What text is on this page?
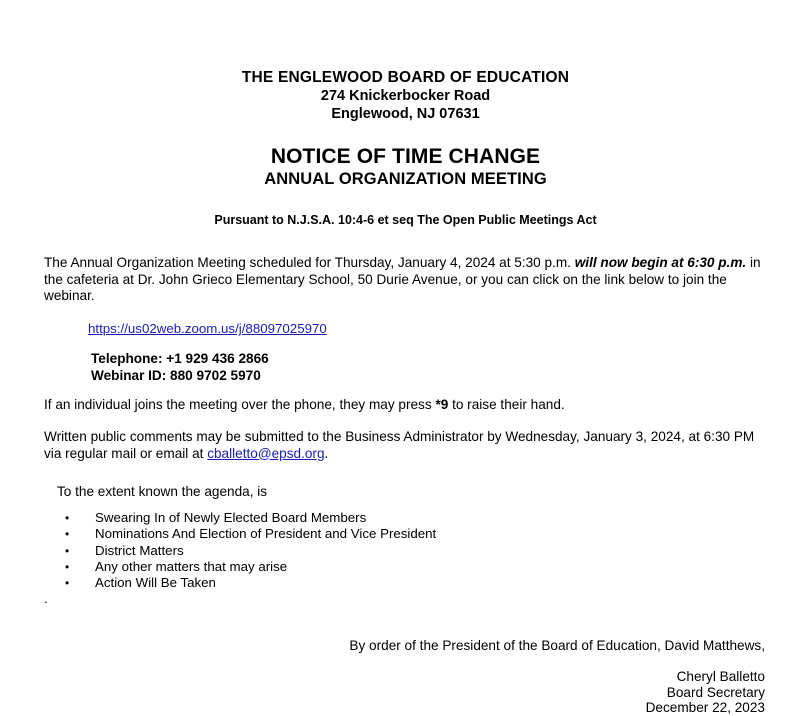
THE ENGLEWOOD BOARD OF EDUCATION
274 Knickerbocker Road
Englewood, NJ 07631
NOTICE OF TIME CHANGE
ANNUAL ORGANIZATION MEETING
Pursuant to N.J.S.A. 10:4-6 et seq The Open Public Meetings Act
The Annual Organization Meeting scheduled for Thursday, January 4, 2024 at 5:30 p.m. will now begin at 6:30 p.m. in the cafeteria at Dr. John Grieco Elementary School, 50 Durie Avenue, or you can click on the link below to join the webinar.
https://us02web.zoom.us/j/88097025970
Telephone: +1 929 436 2866
Webinar ID: 880 9702 5970
If an individual joins the meeting over the phone, they may press *9 to raise their hand.
Written public comments may be submitted to the Business Administrator by Wednesday, January 3, 2024, at 6:30 PM via regular mail or email at cballetto@epsd.org.
To the extent known the agenda, is
• Swearing In of Newly Elected Board Members
• Nominations And Election of President and Vice President
• District Matters
• Any other matters that may arise
• Action Will Be Taken
.
By order of the President of the Board of Education, David Matthews,
Cheryl Balletto
Board Secretary
December 22, 2023
